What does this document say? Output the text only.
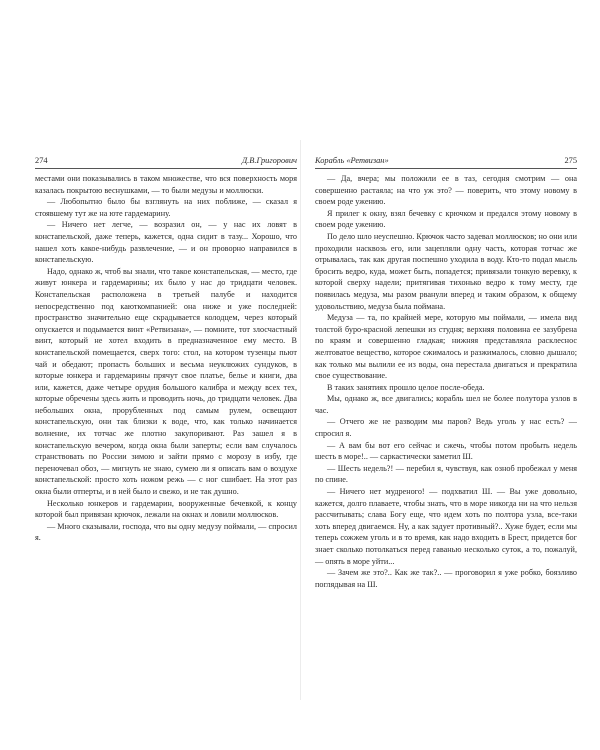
274	Д.В.Григорович

местами они показывались в таком множестве, что вся поверхность моря казалась покрытою веснушками, — то были медузы и моллюски.

— Любопытно было бы взглянуть на них поближе, — сказал я стоявшему тут же на юте гардемарину.

— Ничего нет легче, — возразил он, — у нас их ловят в констапельской, даже теперь, кажется, одна сидит в тазу... Хорошо, что нашел хоть какое-нибудь развлечение, — и он проворно направился в констапельскую.

Надо, однако ж, чтоб вы знали, что такое констапельская, — место, где живут юнкера и гардемарины; их было у нас до тридцати человек. Констапельская расположена в третьей палубе и находится непосредственно под каюткомпанией: она ниже и уже последней: пространство значительно еще скрадывается колодцем, через который опускается и подымается винт «Ретвизана», — помните, тот злосчастный винт, который не хотел входить в предназначенное ему место. В констапельской помещается, сверх того: стол, на котором тузенцы пьют чай и обедают; пропасть больших и весьма неуклюжих сундуков, в которые юнкера и гардемарины прячут свое платье, белье и книги, два или, кажется, даже четыре орудия большого калибра и между всех тех, которые обречены здесь жить и проводить ночь, до тридцати человек. Два небольших окна, прорубленных под самым рулем, освещают констапельскую, они так близки к воде, что, как только начинается волнение, их тотчас же плотно закупоривают. Раз зашел я в констапельскую вечером, когда окна были заперты; если вам случалось странствовать по России зимою и зайти прямо с морозу в избу, где переночевал обоз, — мигнуть не знаю, сумею ли я описать вам о воздухе констапельской: просто хоть ножом режь — с ног сшибает. На этот раз окна были отперты, и в ней было и свежо, и не так душно.

Несколько юнкеров и гардемарин, вооруженные бечевкой, к концу которой был привязан крючок, лежали на окнах и ловили моллюсков.

— Много сказывали, господа, что вы одну медузу поймали, — спросил я.

Корабль «Ретвизан»	275

— Да, вчера; мы положили ее в таз, сегодня смотрим — она совершенно растаяла; на что уж это? — поверить, что этому новому в своем роде ужению.

Я прилег к окну, взял бечевку с крючком и предался этому новому в своем роде ужению.

По дело шло неуспешно. Крючок часто задевал моллюсков; но они или проходили насквозь его, или зацепляли одну часть, которая тотчас же отрывалась, так как другая поспешно уходила в воду. Кто-то подал мысль бросить ведро, куда, может быть, попадется; привязали тонкую веревку, к которой сверху надели; притягивая тихонько ведро к тому месту, где появилась медуза, мы разом рванули вперед и таким образом, к общему удовольствию, медуза была поймана.

Медуза — та, по крайней мере, которую мы поймали, — имела вид толстой буро-красной лепешки из студня; верхняя половина ее зазубрена по краям и совершенно гладкая; нижняя представляла расклеснос желтоватое вещество, которое сжималось и разжималось, словно дышало; как только мы вылили ее из воды, она перестала двигаться и прекратила свое существование.

В таких занятиях прошло целое после-обеда.

Мы, однако ж, все двигались; корабль шел не более полутора узлов в час.

— Отчего же не разводим мы паров? Ведь уголь у нас есть? — спросил я.

— А вам бы вот его сейчас и сжечь, чтобы потом пробыть недель шесть в море!.. — саркастически заметил Ш.

— Шесть недель?! — перебил я, чувствуя, как озноб пробежал у меня по спине.

— Ничего нет мудреного! — подхватил Ш. — Вы уже довольно, кажется, долго плаваете, чтобы знать, что в море никогда ни на что нельзя рассчитывать; слава Богу еще, что идем хоть по полтора узла, все-таки хоть вперед двигаемся. Ну, а как задует противный?.. Хуже будет, если мы теперь сожжем уголь и в то время, как надо входить в Брест, придется бог знает сколько потолкаться перед гаванью несколько суток, а то, пожалуй, — опять в море уйти...

— Зачем же это?.. Как же так?.. — проговорил я уже робко, боязливо поглядывая на Ш.
